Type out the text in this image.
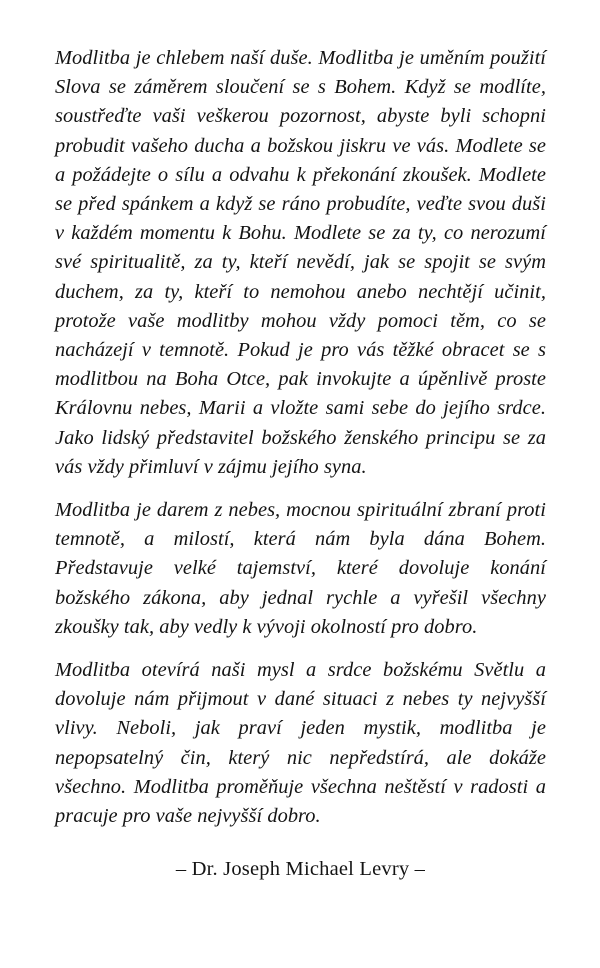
Modlitba je chlebem naší duše. Modlitba je uměním použití Slova se záměrem sloučení se s Bohem. Když se modlíte, soustřeďte vaši veškerou pozornost, abyste byli schopni probudit vašeho ducha a božskou jiskru ve vás. Modlete se a požádejte o sílu a odvahu k překonání zkoušek. Modlete se před spánkem a když se ráno probudíte, veďte svou duši v každém momentu k Bohu. Modlete se za ty, co nerozumí své spiritualitě, za ty, kteří nevědí, jak se spojit se svým duchem, za ty, kteří to nemohou anebo nechtějí učinit, protože vaše modlitby mohou vždy pomoci těm, co se nacházejí v temnotě. Pokud je pro vás těžké obracet se s modlitbou na Boha Otce, pak invokujte a úpěnlivě proste Královnu nebes, Marii a vložte sami sebe do jejího srdce. Jako lidský představitel božského ženského principu se za vás vždy přimluví v zájmu jejího syna.

Modlitba je darem z nebes, mocnou spirituální zbraní proti temnotě, a milostí, která nám byla dána Bohem. Představuje velké tajemství, které dovoluje konání božského zákona, aby jednal rychle a vyřešil všechny zkoušky tak, aby vedly k vývoji okolností pro dobro.

Modlitba otevírá naši mysl a srdce božskému Světlu a dovoluje nám přijmout v dané situaci z nebes ty nejvyšší vlivy. Neboli, jak praví jeden mystik, modlitba je nepopsatelný čin, který nic nepředstírá, ale dokáže všechno. Modlitba proměňuje všechna neštěstí v radosti a pracuje pro vaše nejvyšší dobro.

– Dr. Joseph Michael Levry –
